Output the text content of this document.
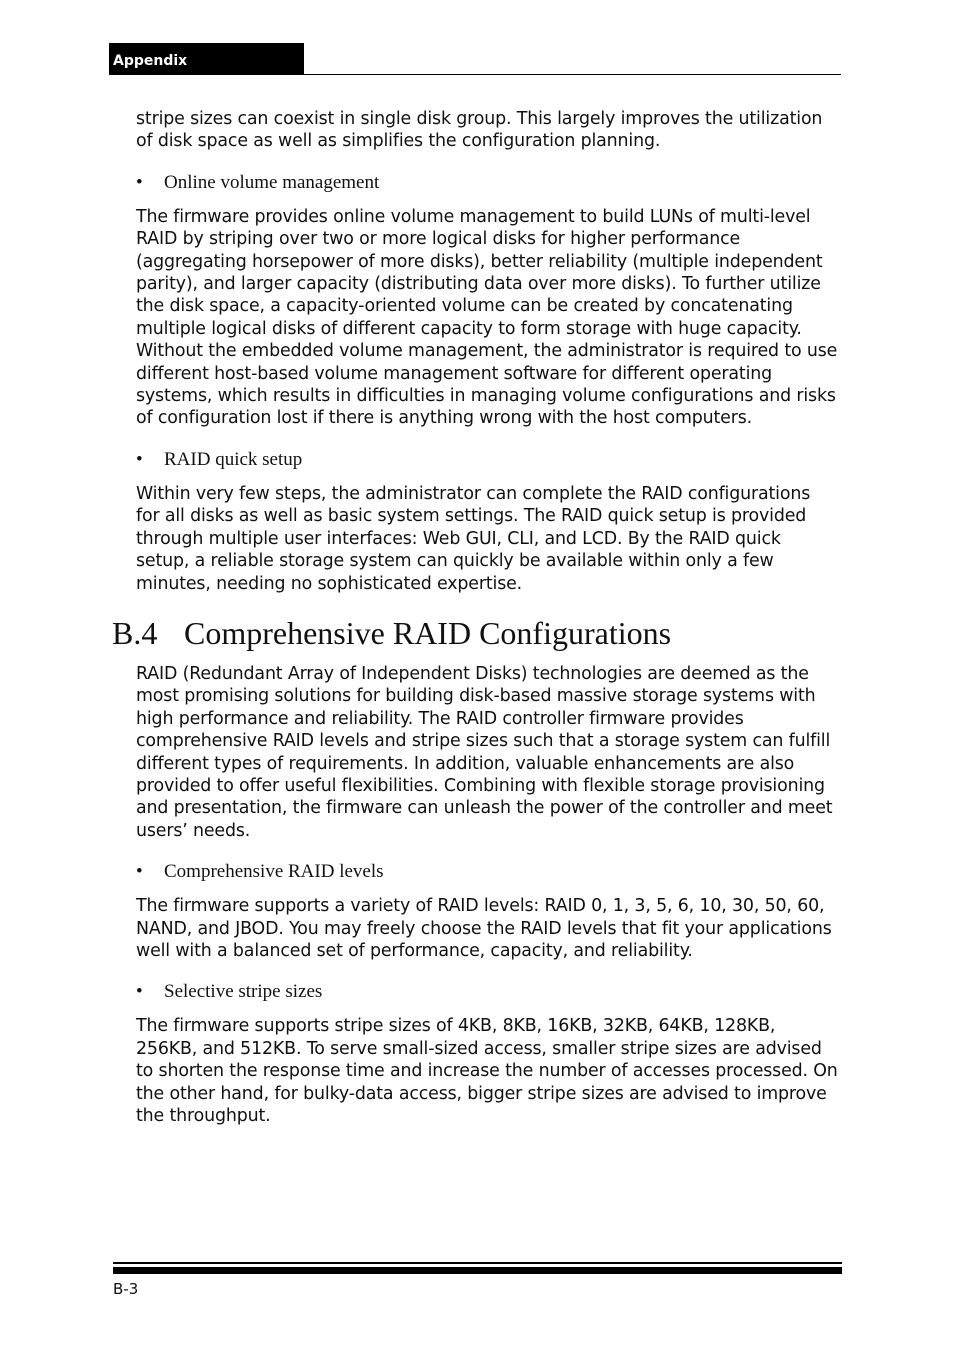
Appendix

stripe sizes can coexist in single disk group. This largely improves the utilization of disk space as well as simplifies the configuration planning.

• Online volume management

The firmware provides online volume management to build LUNs of multi-level RAID by striping over two or more logical disks for higher performance (aggregating horsepower of more disks), better reliability (multiple independent parity), and larger capacity (distributing data over more disks). To further utilize the disk space, a capacity-oriented volume can be created by concatenating multiple logical disks of different capacity to form storage with huge capacity. Without the embedded volume management, the administrator is required to use different host-based volume management software for different operating systems, which results in difficulties in managing volume configurations and risks of configuration lost if there is anything wrong with the host computers.

• RAID quick setup

Within very few steps, the administrator can complete the RAID configurations for all disks as well as basic system settings. The RAID quick setup is provided through multiple user interfaces: Web GUI, CLI, and LCD. By the RAID quick setup, a reliable storage system can quickly be available within only a few minutes, needing no sophisticated expertise.

B.4 Comprehensive RAID Configurations

RAID (Redundant Array of Independent Disks) technologies are deemed as the most promising solutions for building disk-based massive storage systems with high performance and reliability. The RAID controller firmware provides comprehensive RAID levels and stripe sizes such that a storage system can fulfill different types of requirements. In addition, valuable enhancements are also provided to offer useful flexibilities. Combining with flexible storage provisioning and presentation, the firmware can unleash the power of the controller and meet users’ needs.

• Comprehensive RAID levels

The firmware supports a variety of RAID levels: RAID 0, 1, 3, 5, 6, 10, 30, 50, 60, NAND, and JBOD. You may freely choose the RAID levels that fit your applications well with a balanced set of performance, capacity, and reliability.

• Selective stripe sizes

The firmware supports stripe sizes of 4KB, 8KB, 16KB, 32KB, 64KB, 128KB, 256KB, and 512KB. To serve small-sized access, smaller stripe sizes are advised to shorten the response time and increase the number of accesses processed. On the other hand, for bulky-data access, bigger stripe sizes are advised to improve the throughput.

B-3
